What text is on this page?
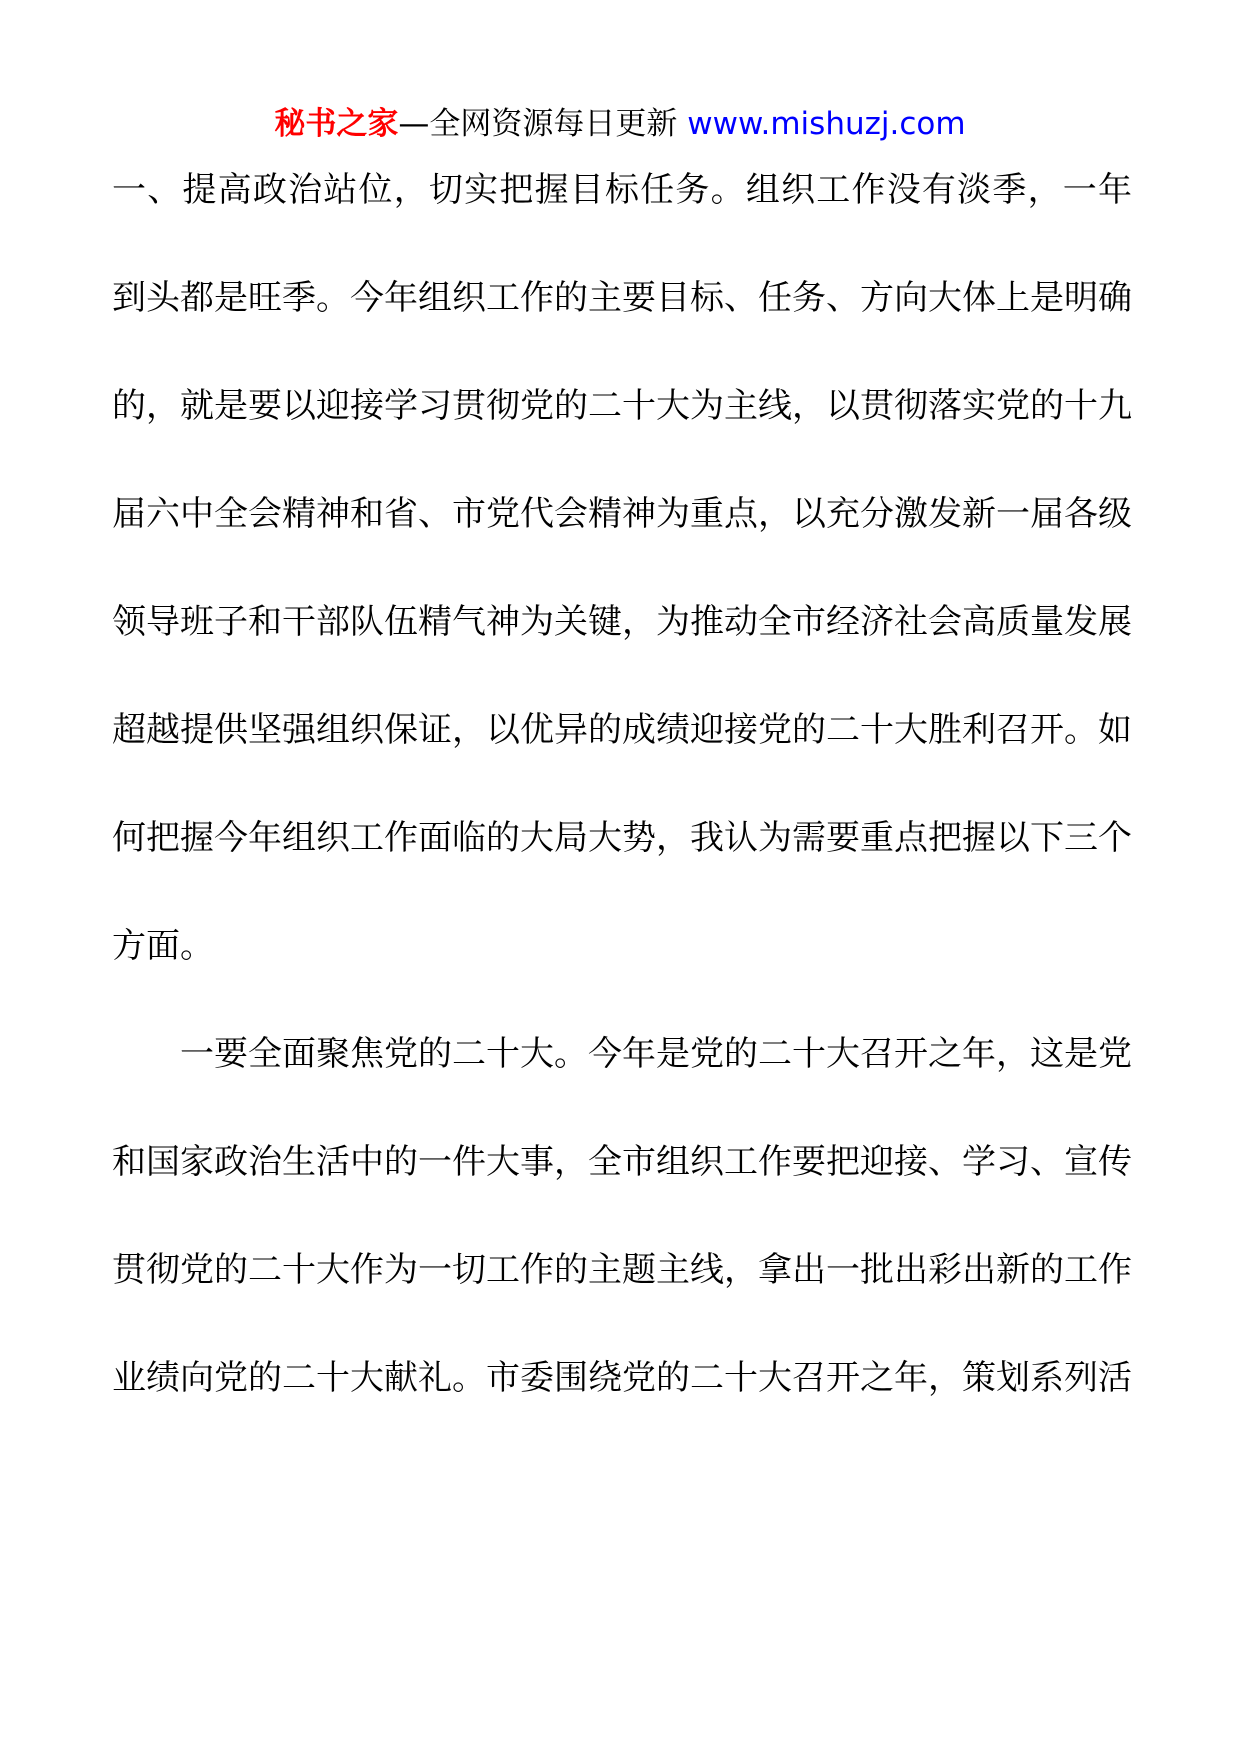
秘书之家—全网资源每日更新 www.mishuzj.com
一、提高政治站位，切实把握目标任务。组织工作没有淡季，一年
到头都是旺季。今年组织工作的主要目标、任务、方向大体上是明确
的，就是要以迎接学习贯彻党的二十大为主线，以贯彻落实党的十九
届六中全会精神和省、市党代会精神为重点，以充分激发新一届各级
领导班子和干部队伍精气神为关键，为推动全市经济社会高质量发展
超越提供坚强组织保证，以优异的成绩迎接党的二十大胜利召开。如
何把握今年组织工作面临的大局大势，我认为需要重点把握以下三个
方面。
　　一要全面聚焦党的二十大。今年是党的二十大召开之年，这是党
和国家政治生活中的一件大事，全市组织工作要把迎接、学习、宣传
贯彻党的二十大作为一切工作的主题主线，拿出一批出彩出新的工作
业绩向党的二十大献礼。市委围绕党的二十大召开之年，策划系列活
